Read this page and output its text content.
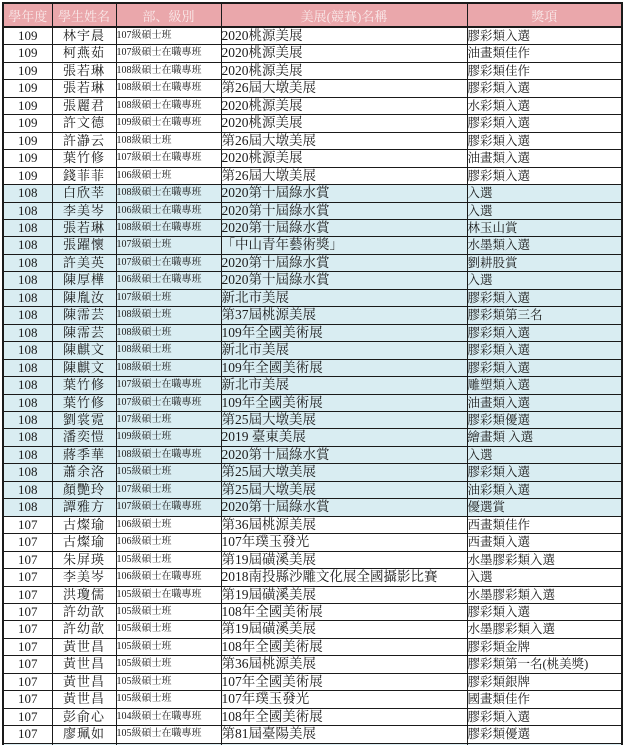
學年度	學生姓名	部、級別	美展(競賽)名稱	獎項
109	林宇晨	107級碩士班	2020桃源美展	膠彩類入選
109	柯燕茹	107級碩士在職專班	2020桃源美展	油畫類佳作
109	張若琳	108級碩士在職專班	2020桃源美展	膠彩類佳作
109	張若琳	108級碩士在職專班	第26屆大墩美展	膠彩類入選
109	張麗君	108級碩士在職專班	2020桃源美展	水彩類入選
109	許文德	109級碩士在職專班	2020桃源美展	膠彩類入選
109	許瀞云	108級碩士班	第26屆大墩美展	膠彩類入選
109	葉竹修	107級碩士在職專班	2020桃源美展	油畫類入選
109	錢菲菲	106級碩士班	第26屆大墩美展	膠彩類入選
108	白欣莘	108級碩士在職專班	2020第十屆綠水賞	入選
108	李美岑	106級碩士在職專班	2020第十屆綠水賞	入選
108	張若琳	108級碩士在職專班	2020第十屆綠水賞	林玉山賞
108	張躍懷	107級碩士班	「中山青年藝術獎」	水墨類入選
108	許美英	107級碩士在職專班	2020第十屆綠水賞	劉耕股賞
108	陳厚樺	106級碩士在職專班	2020第十屆綠水賞	入選
108	陳胤汝	107級碩士班	新北市美展	膠彩類入選
108	陳霈芸	108級碩士班	第37屆桃源美展	膠彩類第三名
108	陳霈芸	108級碩士班	109年全國美術展	膠彩類入選
108	陳麒文	108級碩士班	新北市美展	膠彩類入選
108	陳麒文	108級碩士班	109年全國美術展	膠彩類入選
108	葉竹修	107級碩士在職專班	新北市美展	雕塑類入選
108	葉竹修	107級碩士在職專班	109年全國美術展	油畫類入選
108	劉裳霓	107級碩士班	第25屆大墩美展	膠彩類優選
108	潘奕愷	109級碩士班	2019 臺東美展	繪畫類 入選
108	蔣季華	108級碩士在職專班	2020第十屆綠水賞	入選
108	蕭余洛	105級碩士班	第25屆大墩美展	膠彩類入選
108	顏艷玲	107級碩士班	第25屆大墩美展	油彩類入選
108	譚雅方	107級碩士在職專班	2020第十屆綠水賞	優選賞
107	古燦瑜	106級碩士班	第36屆桃源美展	西畫類佳作
107	古燦瑜	106級碩士班	107年璞玉發光	西畫類入選
107	朱屏瑛	105級碩士班	第19屆磺溪美展	水墨膠彩類入選
107	李美岑	106級碩士在職專班	2018南投縣沙雕文化展全國攝影比賽	入選
107	洪瓊儒	105級碩士在職專班	第19屆磺溪美展	水墨膠彩類入選
107	許幼歆	105級碩士班	108年全國美術展	膠彩類入選
107	許幼歆	105級碩士班	第19屆磺溪美展	水墨膠彩類入選
107	黃世昌	105級碩士班	108年全國美術展	膠彩類金牌
107	黃世昌	105級碩士班	第36屆桃源美展	膠彩類第一名(桃美獎)
107	黃世昌	105級碩士班	107年全國美術展	膠彩類銀牌
107	黃世昌	105級碩士班	107年璞玉發光	國畫類佳作
107	彭俞心	104級碩士在職專班	108年全國美術展	膠彩類入選
107	廖珮如	105級碩士在職專班	第81屆臺陽美展	膠彩類優選
